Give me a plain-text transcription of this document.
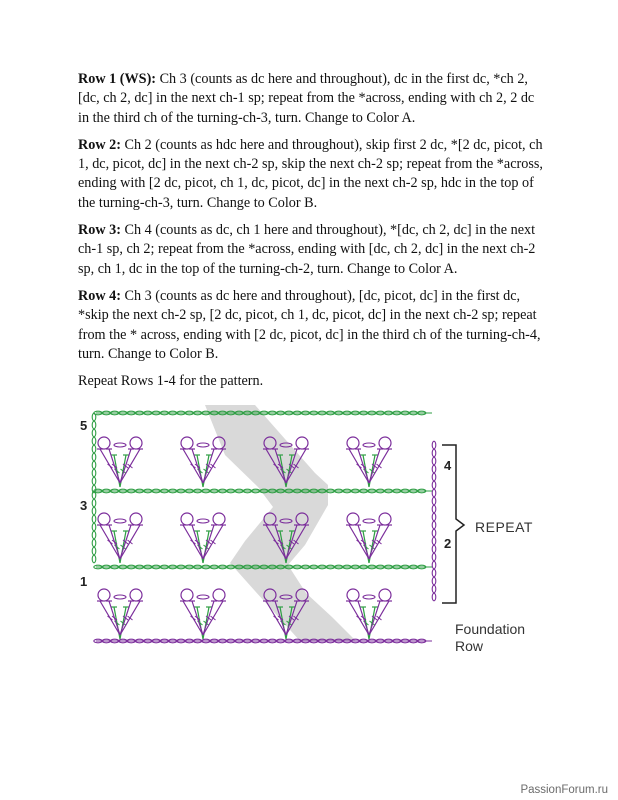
Row 1 (WS): Ch 3 (counts as dc here and throughout), dc in the first dc, *ch 2, [dc, ch 2, dc] in the next ch-1 sp; repeat from the *across, ending with ch 2, 2 dc in the third ch of the turning-ch-3, turn. Change to Color A.

Row 2: Ch 2 (counts as hdc here and throughout), skip first 2 dc, *[2 dc, picot, ch 1, dc, picot, dc] in the next ch-2 sp, skip the next ch-2 sp; repeat from the *across, ending with [2 dc, picot, ch 1, dc, picot, dc] in the next ch-2 sp, hdc in the top of the turning-ch-3, turn. Change to Color B.

Row 3: Ch 4 (counts as dc, ch 1 here and throughout), *[dc, ch 2, dc] in the next ch-1 sp, ch 2; repeat from the *across, ending with [dc, ch 2, dc] in the next ch-2 sp, ch 1, dc in the top of the turning-ch-2, turn. Change to Color A.

Row 4: Ch 3 (counts as dc here and throughout), [dc, picot, dc] in the first dc, *skip the next ch-2 sp, [2 dc, picot, ch 1, dc, picot, dc] in the next ch-2 sp; repeat from the * across, ending with [2 dc, picot, dc] in the third ch of the turning-ch-4, turn. Change to Color B.

Repeat Rows 1-4 for the pattern.

5
3
1
4
2
REPEAT
Foundation
Row
PassionForum.ru
